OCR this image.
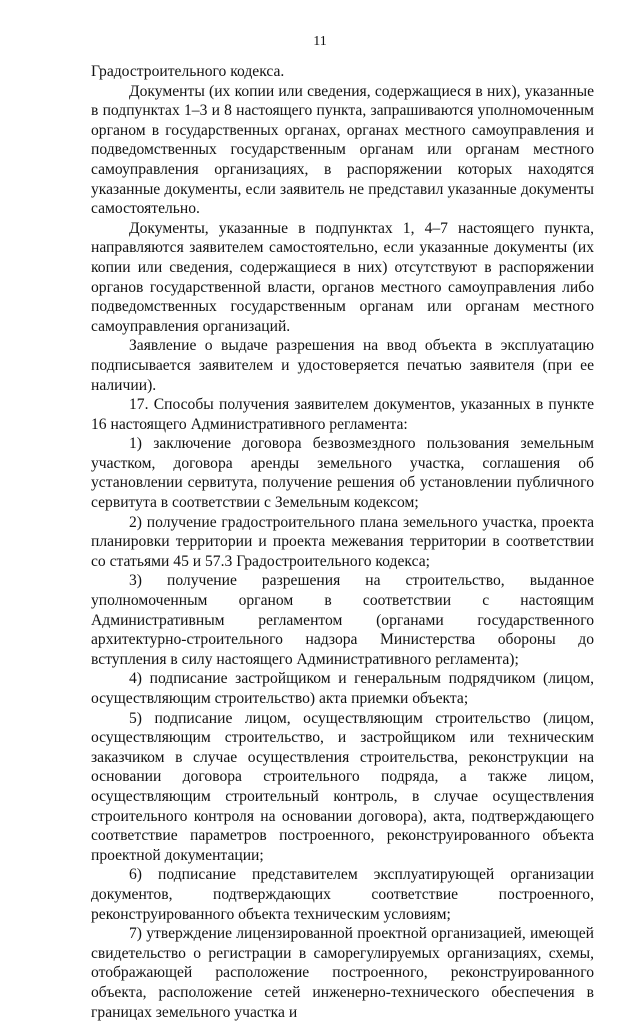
11

Градостроительного кодекса.

Документы (их копии или сведения, содержащиеся в них), указанные в подпунктах 1–3 и 8 настоящего пункта, запрашиваются уполномоченным органом в государственных органах, органах местного самоуправления и подведомственных государственным органам или органам местного самоуправления организациях, в распоряжении которых находятся указанные документы, если заявитель не представил указанные документы самостоятельно.

Документы, указанные в подпунктах 1, 4–7 настоящего пункта, направляются заявителем самостоятельно, если указанные документы (их копии или сведения, содержащиеся в них) отсутствуют в распоряжении органов государственной власти, органов местного самоуправления либо подведомственных государственным органам или органам местного самоуправления организаций.

Заявление о выдаче разрешения на ввод объекта в эксплуатацию подписывается заявителем и удостоверяется печатью заявителя (при ее наличии).

17. Способы получения заявителем документов, указанных в пункте 16 настоящего Административного регламента:

1) заключение договора безвозмездного пользования земельным участком, договора аренды земельного участка, соглашения об установлении сервитута, получение решения об установлении публичного сервитута в соответствии с Земельным кодексом;

2) получение градостроительного плана земельного участка, проекта планировки территории и проекта межевания территории в соответствии со статьями 45 и 57.3 Градостроительного кодекса;

3) получение разрешения на строительство, выданное уполномоченным органом в соответствии с настоящим Административным регламентом (органами государственного архитектурно-строительного надзора Министерства обороны до вступления в силу настоящего Административного регламента);

4) подписание застройщиком и генеральным подрядчиком (лицом, осуществляющим строительство) акта приемки объекта;

5) подписание лицом, осуществляющим строительство (лицом, осуществляющим строительство, и застройщиком или техническим заказчиком в случае осуществления строительства, реконструкции на основании договора строительного подряда, а также лицом, осуществляющим строительный контроль, в случае осуществления строительного контроля на основании договора), акта, подтверждающего соответствие параметров построенного, реконструированного объекта проектной документации;

6) подписание представителем эксплуатирующей организации документов, подтверждающих соответствие построенного, реконструированного объекта техническим условиям;

7) утверждение лицензированной проектной организацией, имеющей свидетельство о регистрации в саморегулируемых организациях, схемы, отображающей расположение построенного, реконструированного объекта, расположение сетей инженерно-технического обеспечения в границах земельного участка и
